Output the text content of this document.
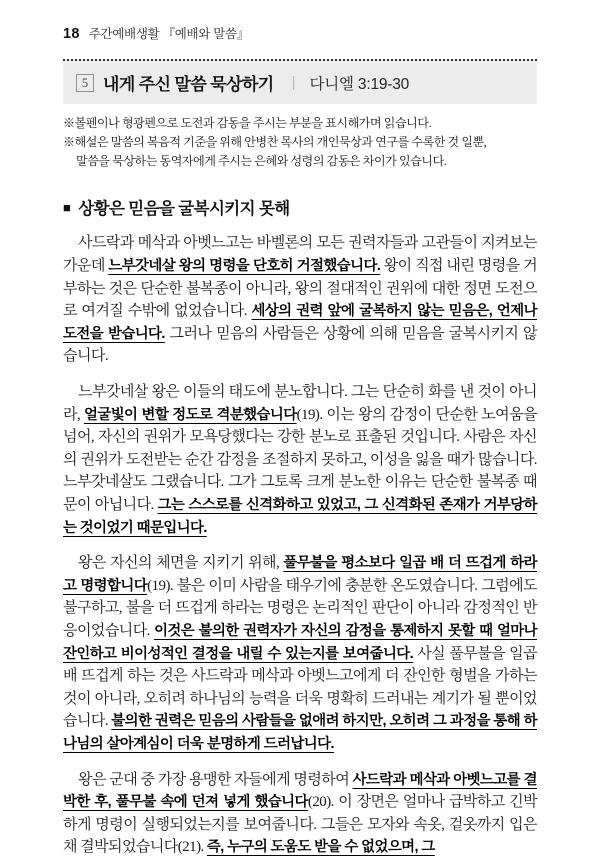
18 주간예배생활 『예배와 말씀』
5 내게 주신 말씀 묵상하기 | 다니엘 3:19-30
※볼펜이나 형광펜으로 도전과 감동을 주시는 부분을 표시해가며 읽습니다.
※해설은 말씀의 복음적 기준을 위해 안병찬 목사의 개인묵상과 연구를 수록한 것 일뿐,
말씀을 묵상하는 동역자에게 주시는 은혜와 성령의 감동은 차이가 있습니다.
■ 상황은 믿음을 굴복시키지 못해

사드락과 메삭과 아벳느고는 바벨론의 모든 권력자들과 고관들이 지켜보는 가운데 느부갓네살 왕의 명령을 단호히 거절했습니다. 왕이 직접 내린 명령을 거부하는 것은 단순한 불복종이 아니라, 왕의 절대적인 권위에 대한 정면 도전으로 여겨질 수밖에 없었습니다. 세상의 권력 앞에 굴복하지 않는 믿음은, 언제나 도전을 받습니다. 그러나 믿음의 사람들은 상황에 의해 믿음을 굴복시키지 않습니다.

느부갓네살 왕은 이들의 태도에 분노합니다. 그는 단순히 화를 낸 것이 아니라, 얼굴빛이 변할 정도로 격분했습니다(19). 이는 왕의 감정이 단순한 노여움을 넘어, 자신의 권위가 모욕당했다는 강한 분노로 표출된 것입니다. 사람은 자신의 권위가 도전받는 순간 감정을 조절하지 못하고, 이성을 잃을 때가 많습니다. 느부갓네살도 그랬습니다. 그가 그토록 크게 분노한 이유는 단순한 불복종 때문이 아닙니다. 그는 스스로를 신격화하고 있었고, 그 신격화된 존재가 거부당하는 것이었기 때문입니다.

왕은 자신의 체면을 지키기 위해, 풀무불을 평소보다 일곱 배 더 뜨겁게 하라고 명령합니다(19). 불은 이미 사람을 태우기에 충분한 온도였습니다. 그럼에도 불구하고, 불을 더 뜨겁게 하라는 명령은 논리적인 판단이 아니라 감정적인 반응이었습니다. 이것은 불의한 권력자가 자신의 감정을 통제하지 못할 때 얼마나 잔인하고 비이성적인 결정을 내릴 수 있는지를 보여줍니다. 사실 풀무불을 일곱 배 뜨겁게 하는 것은 사드락과 메삭과 아벳느고에게 더 잔인한 형벌을 가하는 것이 아니라, 오히려 하나님의 능력을 더욱 명확히 드러내는 계기가 될 뿐이었습니다. 불의한 권력은 믿음의 사람들을 없애려 하지만, 오히려 그 과정을 통해 하나님의 살아계심이 더욱 분명하게 드러납니다.

왕은 군대 중 가장 용맹한 자들에게 명령하여 사드락과 메삭과 아벳느고를 결박한 후, 풀무불 속에 던져 넣게 했습니다(20). 이 장면은 얼마나 급박하고 긴박하게 명령이 실행되었는지를 보여줍니다. 그들은 모자와 속옷, 겉옷까지 입은 채 결박되었습니다(21). 즉, 누구의 도움도 받을 수 없었으며, 그
